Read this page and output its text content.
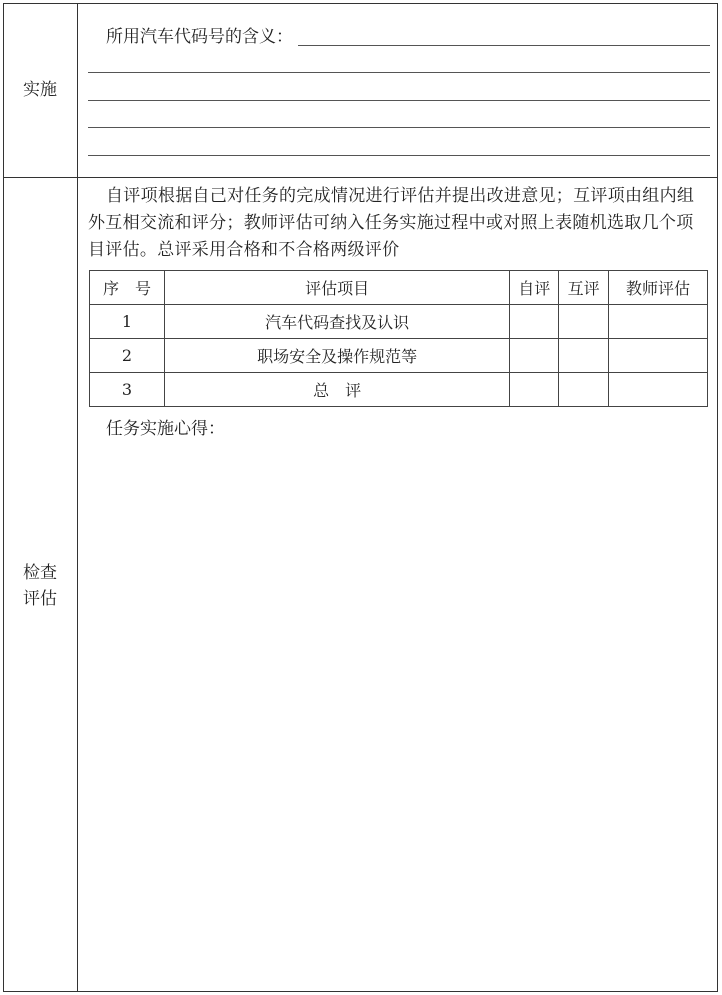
实施
所用汽车代码号的含义：
检查
评估
自评项根据自己对任务的完成情况进行评估并提出改进意见；互评项由组内组外互相交流和评分；教师评估可纳入任务实施过程中或对照上表随机选取几个项目评估。总评采用合格和不合格两级评价
序　号	评估项目	自评	互评	教师评估
1	汽车代码查找及认识			
2	职场安全及操作规范等			
3	总　评			
任务实施心得：
